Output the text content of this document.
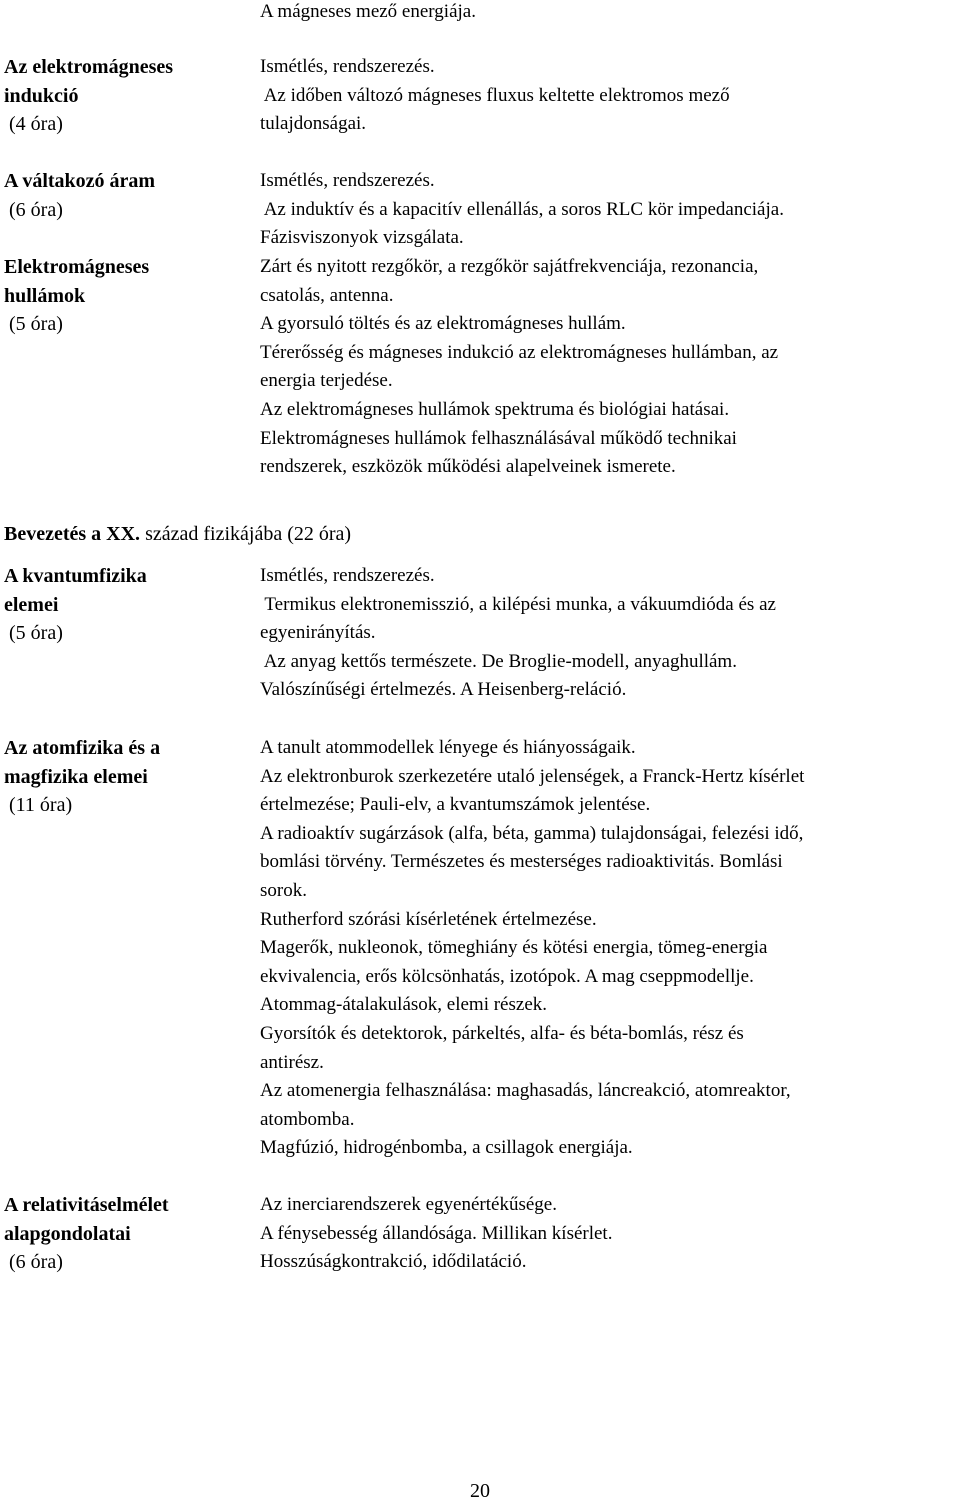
A mágneses mező energiája.
Az elektromágneses
indukció
(4 óra)
Ismétlés, rendszerezés.
Az időben változó mágneses fluxus keltette elektromos mező
tulajdonságai.
A váltakozó áram
(6 óra)
Ismétlés, rendszerezés.
Az induktív és a kapacitív ellenállás, a soros RLC kör impedanciája.
Fázisviszonyok vizsgálata.
Elektromágneses
hullámok
(5 óra)
Zárt és nyitott rezgőkör, a rezgőkör sajátfrekvenciája, rezonancia,
csatolás, antenna.
A gyorsuló töltés és az elektromágneses hullám.
Térerősség és mágneses indukció az elektromágneses hullámban, az
energia terjedése.
Az elektromágneses hullámok spektruma és biológiai hatásai.
Elektromágneses hullámok felhasználásával működő technikai
rendszerek, eszközök működési alapelveinek ismerete.
Bevezetés a XX. század fizikájába (22 óra)
A kvantumfizika
elemei
(5 óra)
Ismétlés, rendszerezés.
Termikus elektronemisszió, a kilépési munka, a vákuumdióda és az
egyenirányítás.
Az anyag kettős természete. De Broglie-modell, anyaghullám.
Valószínűségi értelmezés. A Heisenberg-reláció.
Az atomfizika és a
magfizika elemei
(11 óra)
A tanult atommodellek lényege és hiányosságaik.
Az elektronburok szerkezetére utaló jelenségek, a Franck-Hertz kísérlet
értelmezése; Pauli-elv, a kvantumszámok jelentése.
A radioaktív sugárzások (alfa, béta, gamma) tulajdonságai, felezési idő,
bomlási törvény. Természetes és mesterséges radioaktivitás. Bomlási
sorok.
Rutherford szórási kísérletének értelmezése.
Magerők, nukleonok, tömeghiány és kötési energia, tömeg-energia
ekvivalencia, erős kölcsönhatás, izotópok. A mag cseppmodellje.
Atommag-átalakulások, elemi részek.
Gyorsítók és detektorok, párkeltés, alfa- és béta-bomlás, rész és
antirész.
Az atomenergia felhasználása: maghasadás, láncreakció, atomreaktor,
atombomba.
Magfúzió, hidrogénbomba, a csillagok energiája.
A relativitáselmélet
alapgondolatai
(6 óra)
Az inerciarendszerek egyenértékűsége.
A fénysebesség állandósága. Millikan kísérlet.
Hosszúságkontrakció, idődilatáció.
20
